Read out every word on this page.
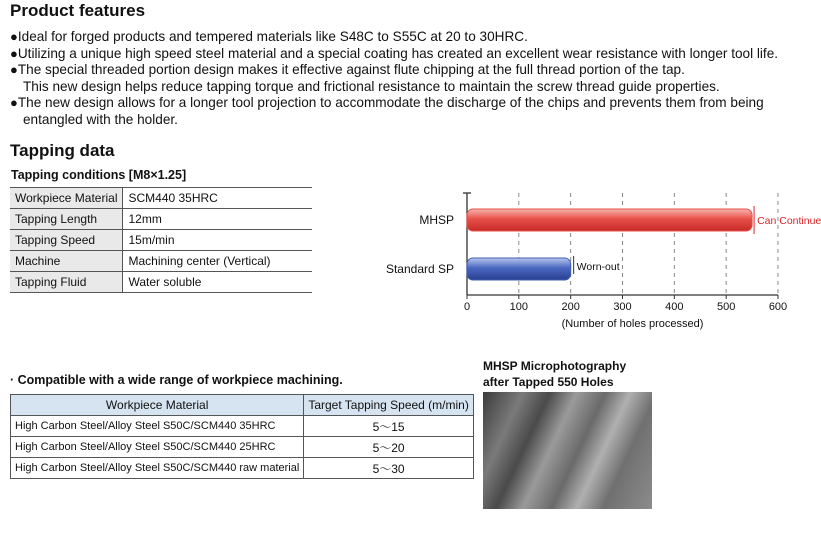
Product features
●Ideal for forged products and tempered materials like S48C to S55C at 20 to 30HRC.
●Utilizing a unique high speed steel material and a special coating has created an excellent wear resistance with longer tool life.
●The special threaded portion design makes it effective against flute chipping at the full thread portion of the tap.
This new design helps reduce tapping torque and frictional resistance to maintain the screw thread guide properties.
●The new design allows for a longer tool projection to accommodate the discharge of the chips and prevents them from being
entangled with the holder.
Tapping data
Tapping conditions [M8×1.25]
Workpiece Material	SCM440 35HRC
Tapping Length	12mm
Tapping Speed	15m/min
Machine	Machining center (Vertical)
Tapping Fluid	Water soluble
0	100	200	300	400	500	600
(Number of holes processed)
MHSP
Standard SP
Can Continue
Worn-out
· Compatible with a wide range of workpiece machining.
Workpiece Material	Target Tapping Speed (m/min)
High Carbon Steel/Alloy Steel S50C/SCM440 35HRC	5～15
High Carbon Steel/Alloy Steel S50C/SCM440 25HRC	5～20
High Carbon Steel/Alloy Steel S50C/SCM440 raw material	5～30
MHSP Microphotography
after Tapped 550 Holes
